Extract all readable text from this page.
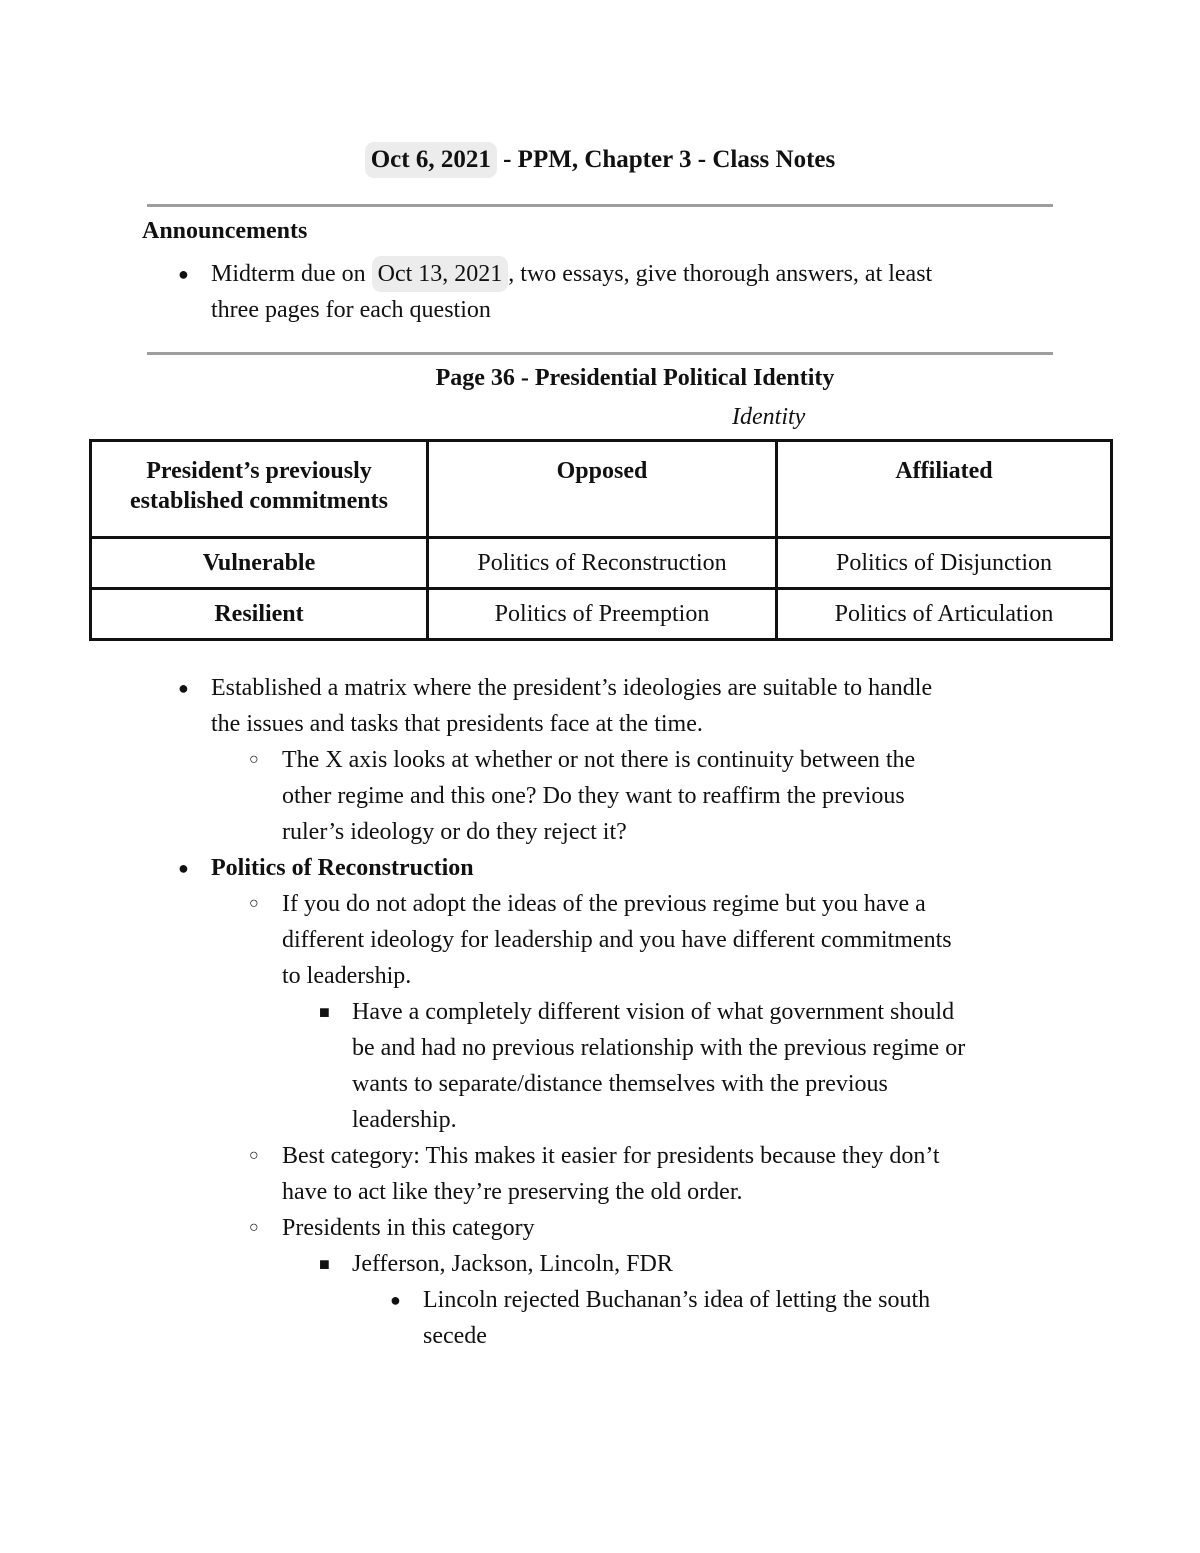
Oct 6, 2021 - PPM, Chapter 3 - Class Notes
Announcements
● Midterm due on Oct 13, 2021 , two essays, give thorough answers, at least
three pages for each question
Page 36 - Presidential Political Identity
Identity
President’s previously
established commitments	Opposed	Affiliated
Vulnerable	Politics of Reconstruction	Politics of Disjunction
Resilient	Politics of Preemption	Politics of Articulation
● Established a matrix where the president’s ideologies are suitable to handle
the issues and tasks that presidents face at the time.
○ The X axis looks at whether or not there is continuity between the
other regime and this one? Do they want to reaffirm the previous
ruler’s ideology or do they reject it?
● Politics of Reconstruction
○ If you do not adopt the ideas of the previous regime but you have a
different ideology for leadership and you have different commitments
to leadership.
■ Have a completely different vision of what government should
be and had no previous relationship with the previous regime or
wants to separate/distance themselves with the previous
leadership.
○ Best category: This makes it easier for presidents because they don’t
have to act like they’re preserving the old order.
○ Presidents in this category
■ Jefferson, Jackson, Lincoln, FDR
● Lincoln rejected Buchanan’s idea of letting the south
secede
